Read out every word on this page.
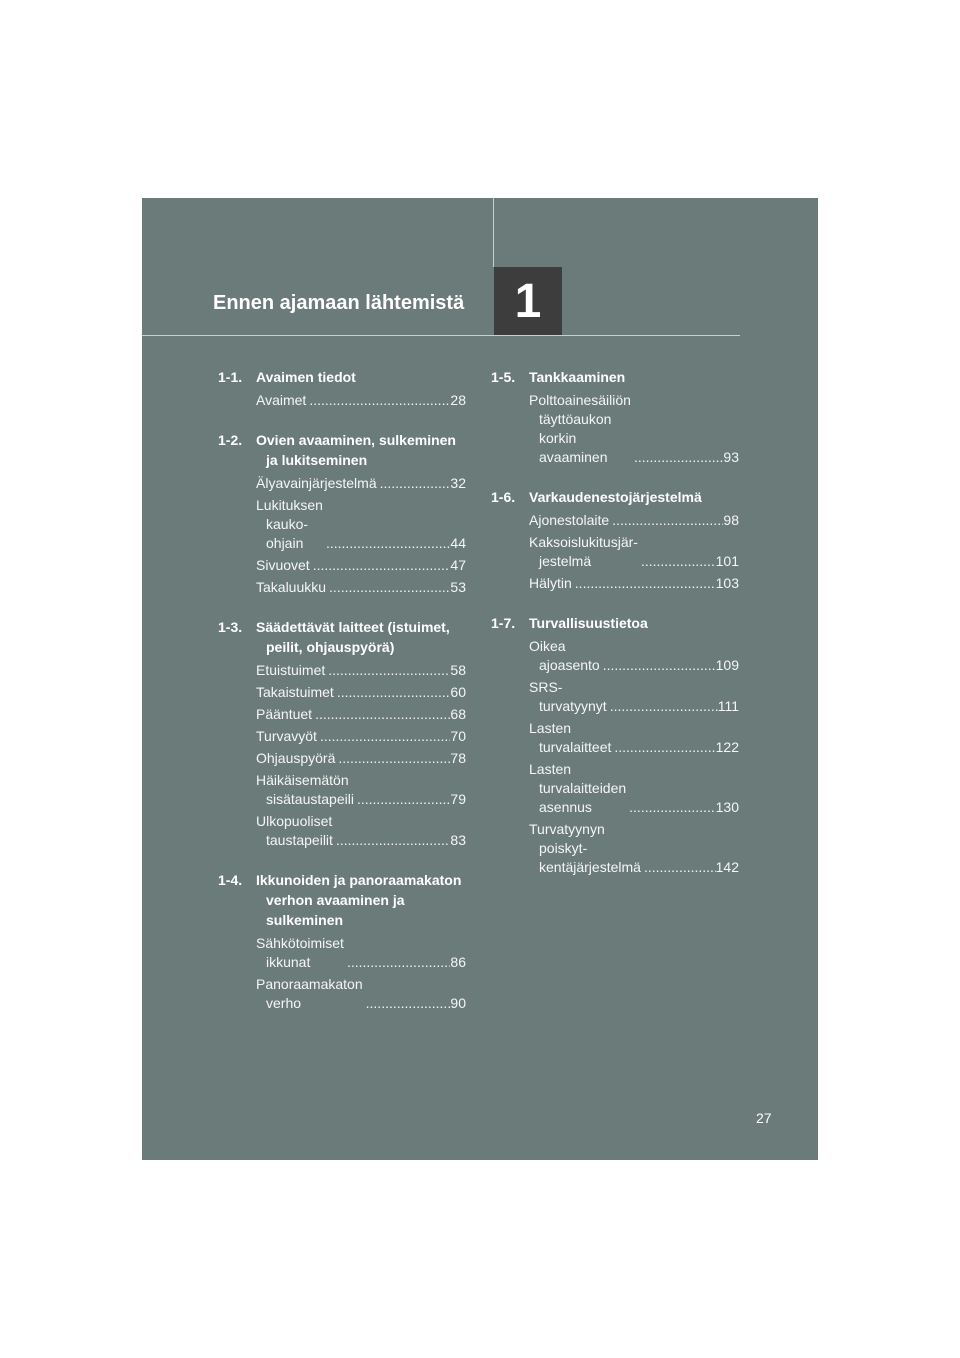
Ennen ajamaan lähtemistä 1
1-1. Avaimen tiedot
Avaimet .....	28
1-2. Ovien avaaminen, sulkeminen ja lukitseminen
Älyavainjärjestelmä .....	32
Lukituksen kauko-ohjain .....	44
Sivuovet .....	47
Takaluukku .....	53
1-3. Säädettävät laitteet (istuimet, peilit, ohjauspyörä)
Etuistuimet .....	58
Takaistuimet .....	60
Pääntuet .....	68
Turvavyöt .....	70
Ohjauspyörä .....	78
Häikäisemätön sisätaustapeili .....	79
Ulkopuoliset taustapeilit .....	83
1-4. Ikkunoiden ja panoraamakaton verhon avaaminen ja sulkeminen
Sähkötoimiset ikkunat .....	86
Panoraamakaton verho .....	90
1-5. Tankkaaminen
Polttoainesäiliön täyttöaukon korkin avaaminen .....	93
1-6. Varkaudenestojärjestelmä
Ajonestolaite .....	98
Kaksoislukitusjär-jestelmä .....	101
Hälytin .....	103
1-7. Turvallisuustietoa
Oikea ajoasento .....	109
SRS-turvatyynyt .....	111
Lasten turvalaitteet .....	122
Lasten turvalaitteiden asennus .....	130
Turvatyynyn poiskyt-kentäjärjestelmä .....	142
27
